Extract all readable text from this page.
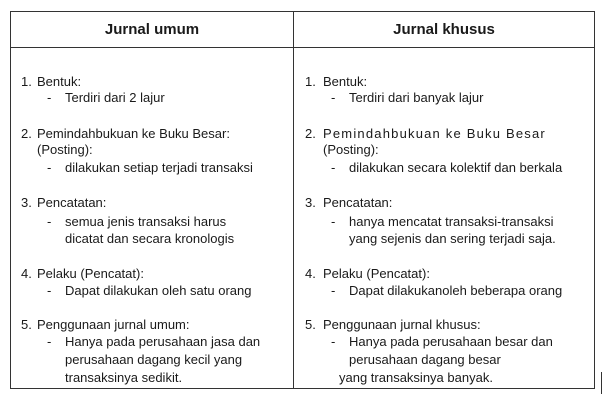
Jurnal umum	Jurnal khusus
1. Bentuk:
- Terdiri dari 2 lajur
2. Pemindahbukuan ke Buku Besar:
(Posting):
- dilakukan setiap terjadi transaksi
3. Pencatatan:
- semua jenis transaksi harus
dicatat dan secara kronologis
4. Pelaku (Pencatat):
- Dapat dilakukan oleh satu orang
5. Penggunaan jurnal umum:
- Hanya pada perusahaan jasa dan
perusahaan dagang kecil yang
transaksinya sedikit.
1. Bentuk:
- Terdiri dari banyak lajur
2. Pemindahbukuan ke Buku Besar
(Posting):
- dilakukan secara kolektif dan berkala
3. Pencatatan:
- hanya mencatat transaksi-transaksi
yang sejenis dan sering terjadi saja.
4. Pelaku (Pencatat):
- Dapat dilakukanoleh beberapa orang
5. Penggunaan jurnal khusus:
- Hanya pada perusahaan besar dan
perusahaan dagang besar
yang transaksinya banyak.
